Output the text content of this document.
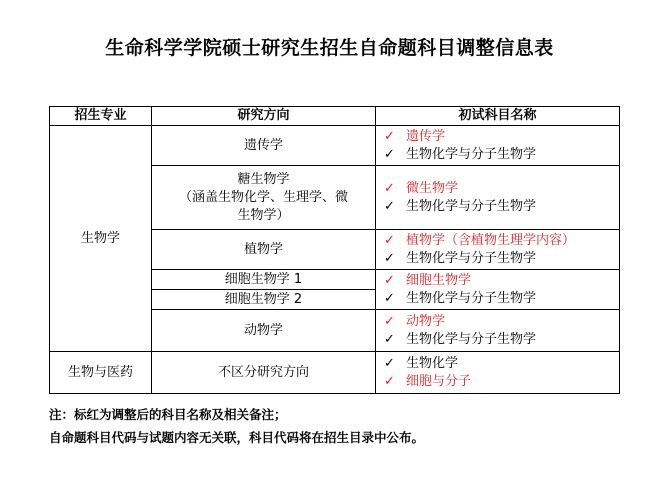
生命科学学院硕士研究生招生自命题科目调整信息表
招生专业	研究方向	初试科目名称
生物学	遗传学	✓ 遗传学
✓ 生物化学与分子生物学

	糖生物学
（涵盖生物化学、生理学、微
生物学）	✓ 微生物学
✓ 生物化学与分子生物学

	植物学	✓ 植物学（含植物生理学内容）
✓ 生物化学与分子生物学

	细胞生物学 1	✓ 细胞生物学
✓ 生物化学与分子生物学

	细胞生物学 2	

	动物学	✓ 动物学
✓ 生物化学与分子生物学

生物与医药	不区分研究方向	✓ 生物化学
✓ 细胞与分子
注：标红为调整后的科目名称及相关备注；
自命题科目代码与试题内容无关联，科目代码将在招生目录中公布。
